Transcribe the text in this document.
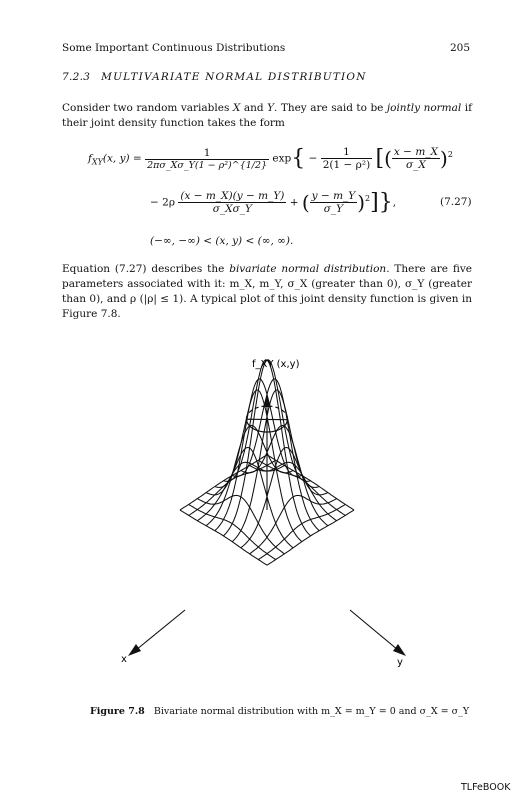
Some Important Continuous Distributions	205
7.2.3 MULTIVARIATE NORMAL DISTRIBUTION
Consider two random variables X and Y. They are said to be jointly normal if their joint density function takes the form
$f_{XY}(x$, $y) = \frac{1}{\text{2πσ\_Xσ\_Y(1 − ρ²)\textasciicircum{}\{1/2\}}} \exp\{ - \frac{1}{\text{2(1 − ρ²)}}$ [( $\frac{x - m\_X}{\sigma\_X} )^2$
− $2\rho \frac{(x - m\_X)(y - m\_Y)}{\sigma\_X\sigma\_Y}$ + ( $\frac{y - m\_Y}{\sigma\_Y} )^2$]},	(7.27)
(−∞, −∞) < (x, y) < (∞, ∞).
Equation (7.27) describes the bivariate normal distribution. There are five parameters associated with it: m_X, m_Y, σ_X (greater than 0), σ_Y (greater than 0), and ρ (|ρ| ≤ 1). A typical plot of this joint density function is given in Figure 7.8.
f_XY (x,y)
x	y
Figure 7.8 Bivariate normal distribution with m_X = m_Y = 0 and σ_X = σ_Y
TLFeBOOK
